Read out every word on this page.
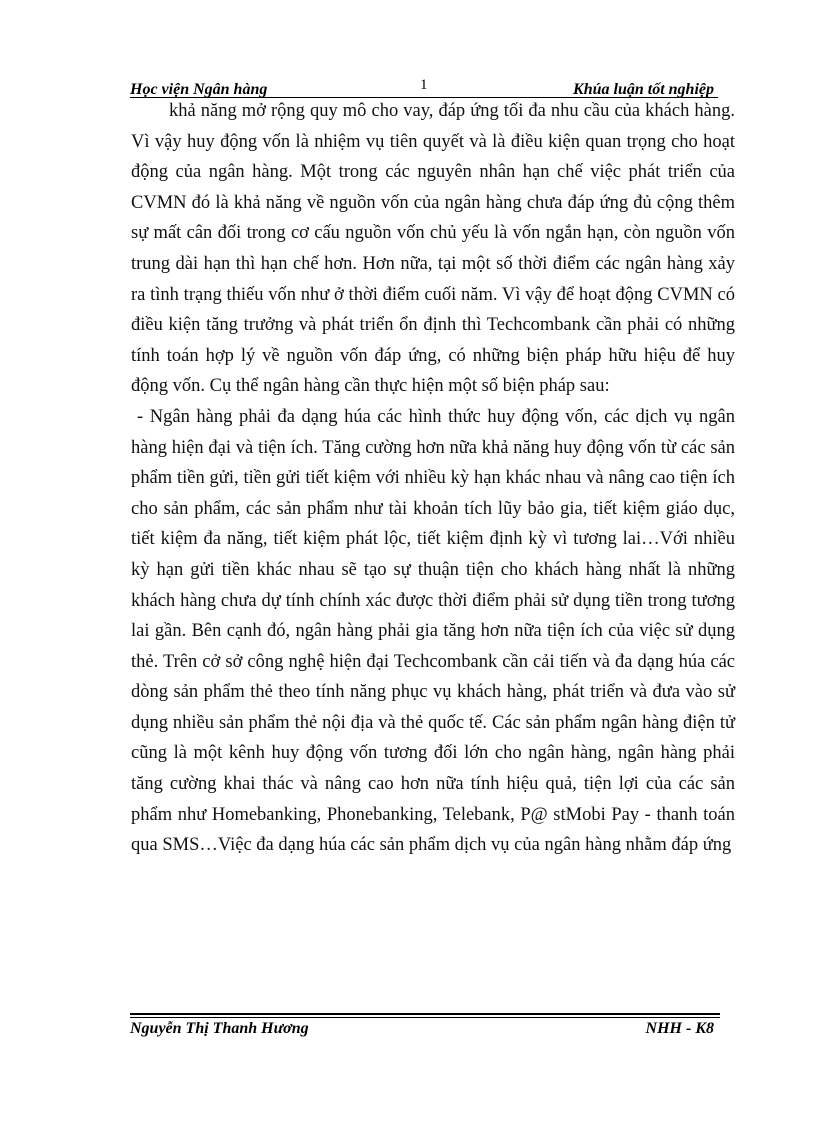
Học viện Ngân hàng	1	Khúa luận tốt nghiệp

khả năng mở rộng quy mô cho vay, đáp ứng tối đa nhu cầu của khách hàng. Vì vậy huy động vốn là nhiệm vụ tiên quyết và là điều kiện quan trọng cho hoạt động của ngân hàng. Một trong các nguyên nhân hạn chế việc phát triển của CVMN đó là khả năng về nguồn vốn của ngân hàng chưa đáp ứng đủ cộng thêm sự mất cân đối trong cơ cấu nguồn vốn chủ yếu là vốn ngắn hạn, còn nguồn vốn trung dài hạn thì hạn chế hơn. Hơn nữa, tại một số thời điểm các ngân hàng xảy ra tình trạng thiếu vốn như ở thời điểm cuối năm. Vì vậy để hoạt động CVMN có điều kiện tăng trưởng và phát triển ổn định thì Techcombank cần phải có những tính toán hợp lý về nguồn vốn đáp ứng, có những biện pháp hữu hiệu để huy động vốn. Cụ thể ngân hàng cần thực hiện một số biện pháp sau:

- Ngân hàng phải đa dạng húa các hình thức huy động vốn, các dịch vụ ngân hàng hiện đại và tiện ích. Tăng cường hơn nữa khả năng huy động vốn từ các sản phẩm tiền gửi, tiền gửi tiết kiệm với nhiều kỳ hạn khác nhau và nâng cao tiện ích cho sản phẩm, các sản phẩm như tài khoản tích lũy bảo gia, tiết kiệm giáo dục, tiết kiệm đa năng, tiết kiệm phát lộc, tiết kiệm định kỳ vì tương lai…Với nhiều kỳ hạn gửi tiền khác nhau sẽ tạo sự thuận tiện cho khách hàng nhất là những khách hàng chưa dự tính chính xác được thời điểm phải sử dụng tiền trong tương lai gần. Bên cạnh đó, ngân hàng phải gia tăng hơn nữa tiện ích của việc sử dụng thẻ. Trên cở sở công nghệ hiện đại Techcombank cần cải tiến và đa dạng húa các dòng sản phẩm thẻ theo tính năng phục vụ khách hàng, phát triển và đưa vào sử dụng nhiều sản phẩm thẻ nội địa và thẻ quốc tế. Các sản phẩm ngân hàng điện tử cũng là một kênh huy động vốn tương đối lớn cho ngân hàng, ngân hàng phải tăng cường khai thác và nâng cao hơn nữa tính hiệu quả, tiện lợi của các sản phẩm như Homebanking, Phonebanking, Telebank, P@ stMobi Pay - thanh toán qua SMS…Việc đa dạng húa các sản phẩm dịch vụ của ngân hàng nhằm đáp ứng

Nguyễn Thị Thanh Hương	NHH - K8
